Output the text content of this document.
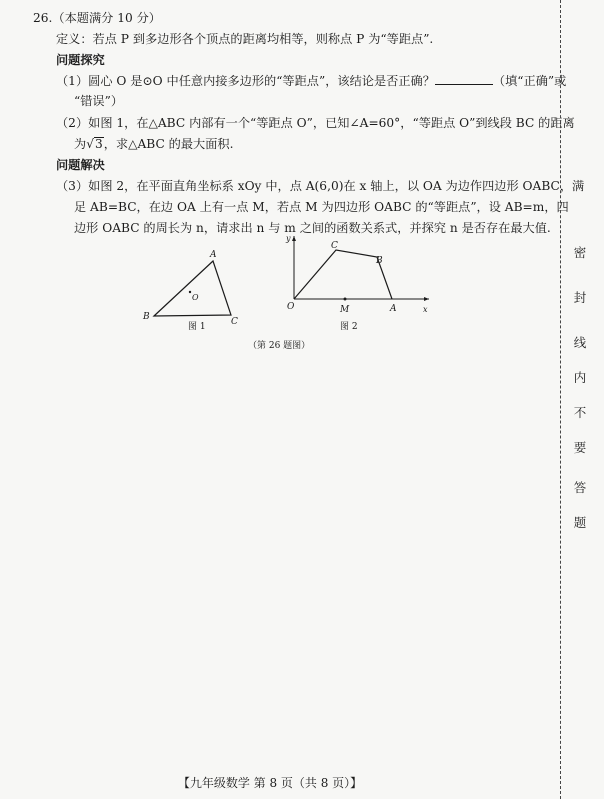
26.（本题满分 10 分）
定义：若点 P 到多边形各个顶点的距离均相等，则称点 P 为“等距点”.
问题探究
（1）圆心 O 是⊙O 中任意内接多边形的“等距点”，该结论是否正确？	（填“正确”或
“错误”）
（2）如图 1，在△ABC 内部有一个“等距点 O”，已知∠A=60°，“等距点 O”到线段 BC 的距离
为√3，求△ABC 的最大面积.
问题解决
（3）如图 2，在平面直角坐标系 xOy 中，点 A(6,0)在 x 轴上，以 OA 为边作四边形 OABC，满
足 AB=BC，在边 OA 上有一点 M，若点 M 为四边形 OABC 的“等距点”，设 AB=m，四
边形 OABC 的周长为 n，请求出 n 与 m 之间的函数关系式，并探究 n 是否存在最大值.
A
B	C
O
图 1
y
x
O	M	A
B
C
图 2
（第 26 题图）
密
封
线
内
不
要
答
题
【九年级数学 第 8 页（共 8 页）】
